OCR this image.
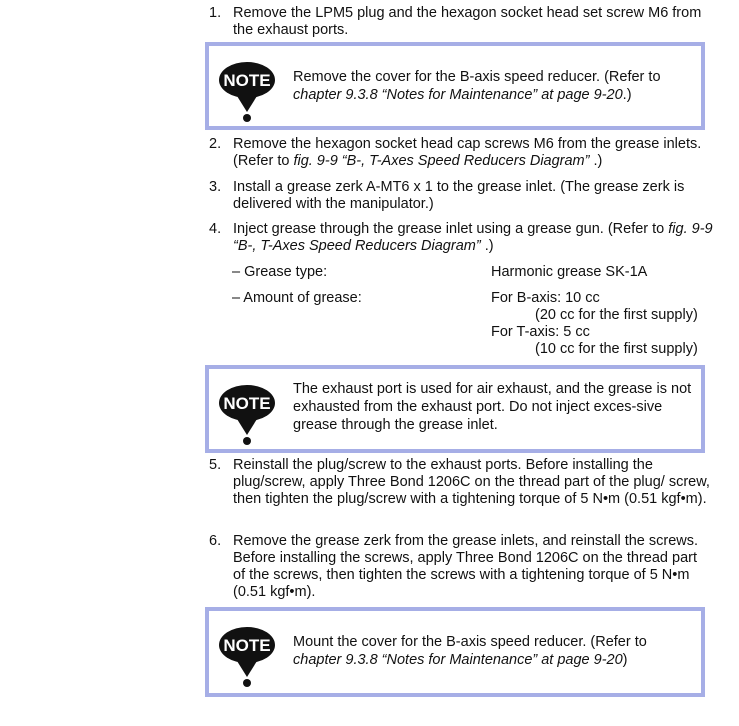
1. Remove the LPM5 plug and the hexagon socket head set screw M6 from the exhaust ports.
NOTE Remove the cover for the B-axis speed reducer. (Refer to chapter 9.3.8 “Notes for Maintenance” at page 9-20.)
2. Remove the hexagon socket head cap screws M6 from the grease inlets. (Refer to fig. 9-9 “B-, T-Axes Speed Reducers Diagram” .)
3. Install a grease zerk A-MT6 x 1 to the grease inlet. (The grease zerk is delivered with the manipulator.)
4. Inject grease through the grease inlet using a grease gun. (Refer to fig. 9-9 “B-, T-Axes Speed Reducers Diagram” .)
– Grease type:	Harmonic grease SK-1A
– Amount of grease:	For B-axis: 10 cc
(20 cc for the first supply)
For T-axis: 5 cc
(10 cc for the first supply)
NOTE
The exhaust port is used for air exhaust, and the grease is not exhausted from the exhaust port. Do not inject exces-sive grease through the grease inlet.
5. Reinstall the plug/screw to the exhaust ports. Before installing the plug/screw, apply Three Bond 1206C on the thread part of the plug/ screw, then tighten the plug/screw with a tightening torque of 5 N•m (0.51 kgf•m).
6. Remove the grease zerk from the grease inlets, and reinstall the screws. Before installing the screws, apply Three Bond 1206C on the thread part of the screws, then tighten the screws with a tightening torque of 5 N•m (0.51 kgf•m).
NOTE Mount the cover for the B-axis speed reducer. (Refer to chapter 9.3.8 “Notes for Maintenance” at page 9-20)
